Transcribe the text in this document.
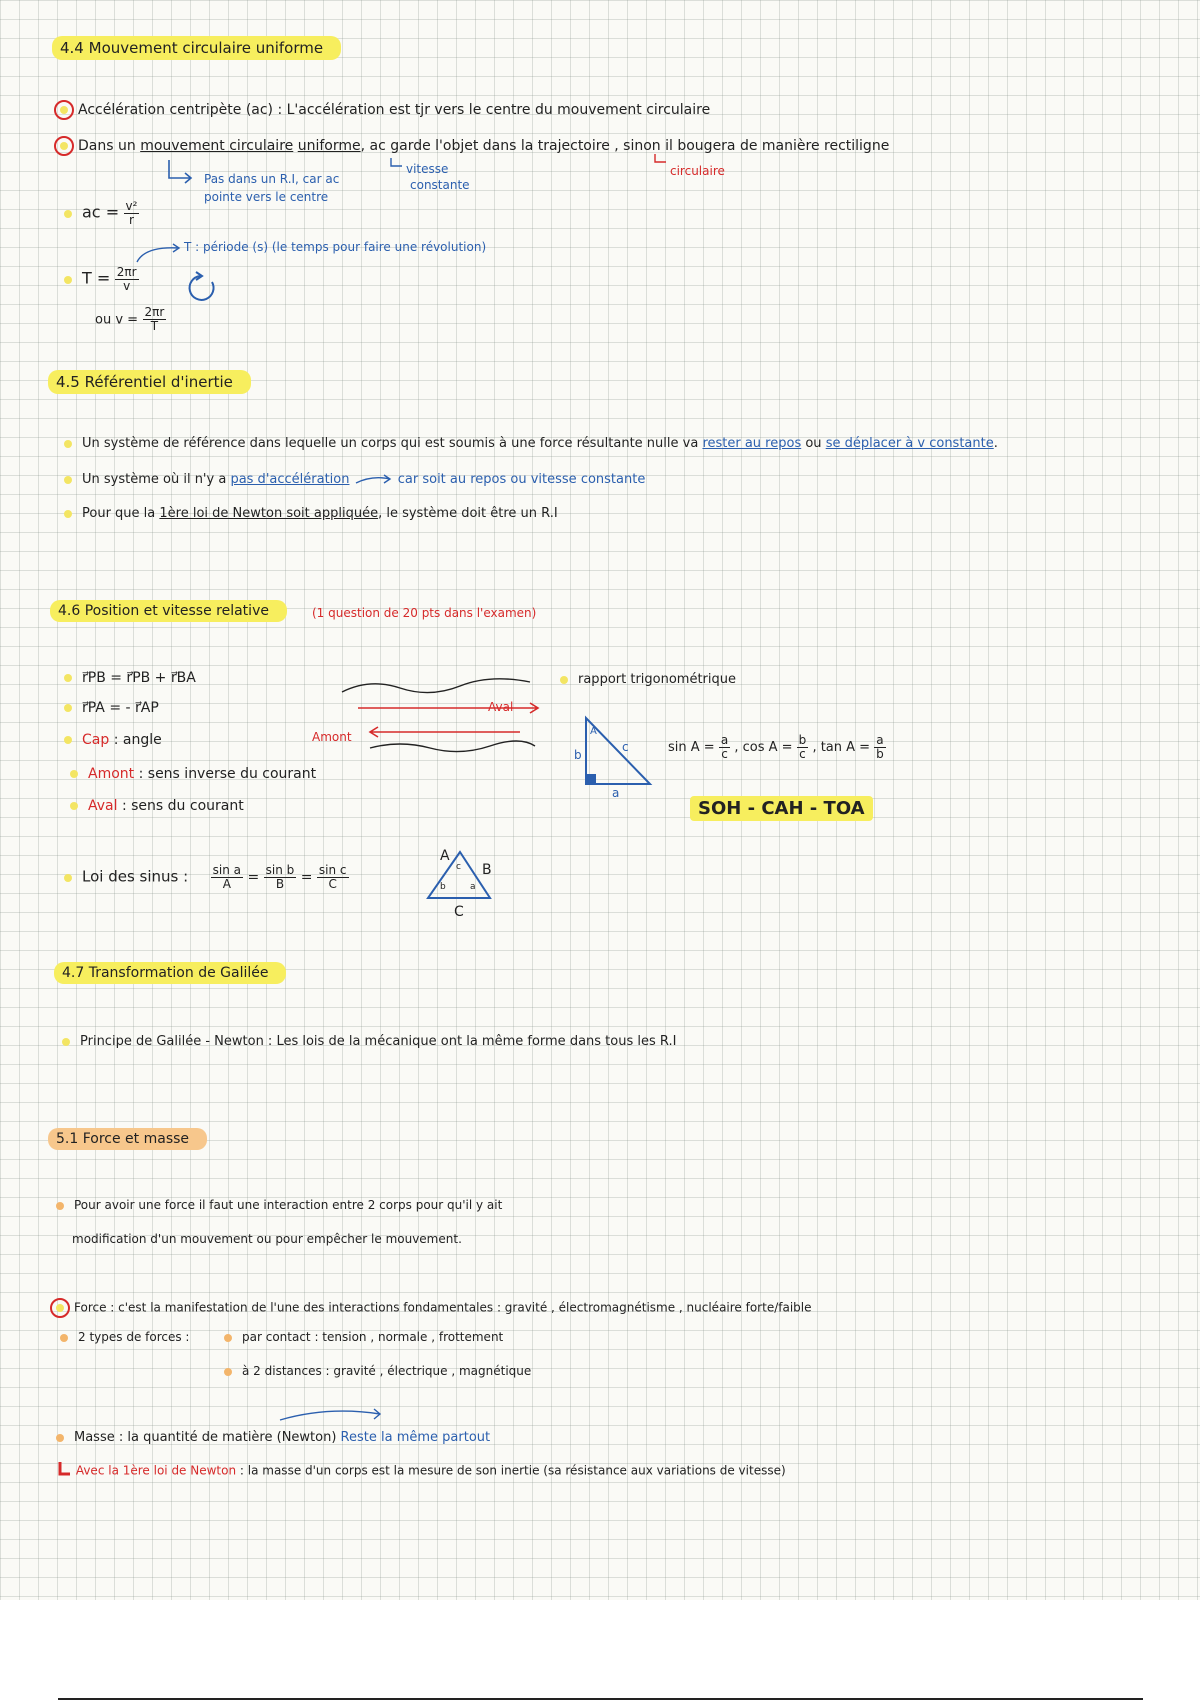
4.4 Mouvement circulaire uniforme
Accélération centripète (ac) : L'accélération est tjr vers le centre du mouvement circulaire
Dans un mouvement circulaire uniforme, ac garde l'objet dans la trajectoire , sinon il bougera de manière rectiligne
Pas dans un R.I, car ac
pointe vers le centre
vitesse
constante
circulaire
ac = $\frac{\text{v²}}{r}$
T : période (s) (le temps pour faire une révolution)
$T = \frac{2\pi r}{v}$
ou $v = \frac{2\pi r}{T}$
4.5 Référentiel d'inertie
Un système de référence dans lequelle un corps qui est soumis à une force résultante nulle va rester au repos ou se déplacer à v constante.
Un système où il n'y a pas d'accélération	car soit au repos ou vitesse constante
Pour que la 1ère loi de Newton soit appliquée, le système doit être un R.I
4.6 Position et vitesse relative	(1 question de 20 pts dans l'examen)
r⃗PB = r⃗PB + r⃗BA
r⃗PA = - r⃗AP
Cap : angle
Amont : sens inverse du courant
Aval : sens du courant
Aval
Amont
rapport trigonométrique
b
a
c
A
$\sin A = \frac{a}{c}$ , $\cos A = \frac{b}{c}$ , $\tan A = \frac{a}{b}$
SOH - CAH - TOA
Loi des sinus : $\frac{\text{sin a}}{A} = \frac{\text{sin b}}{B} = \frac{\text{sin c}}{C}$
A
B
C
c
b	a
4.7 Transformation de Galilée
Principe de Galilée - Newton : Les lois de la mécanique ont la même forme dans tous les R.I
5.1 Force et masse
Pour avoir une force il faut une interaction entre 2 corps pour qu'il y ait
modification d'un mouvement ou pour empêcher le mouvement.
Force : c'est la manifestation de l'une des interactions fondamentales : gravité , électromagnétisme , nucléaire forte/faible
2 types de forces :	par contact : tension , normale , frottement
à 2 distances : gravité , électrique , magnétique
Masse : la quantité de matière (Newton) Reste la même partout
Avec la 1ère loi de Newton : la masse d'un corps est la mesure de son inertie (sa résistance aux variations de vitesse)
